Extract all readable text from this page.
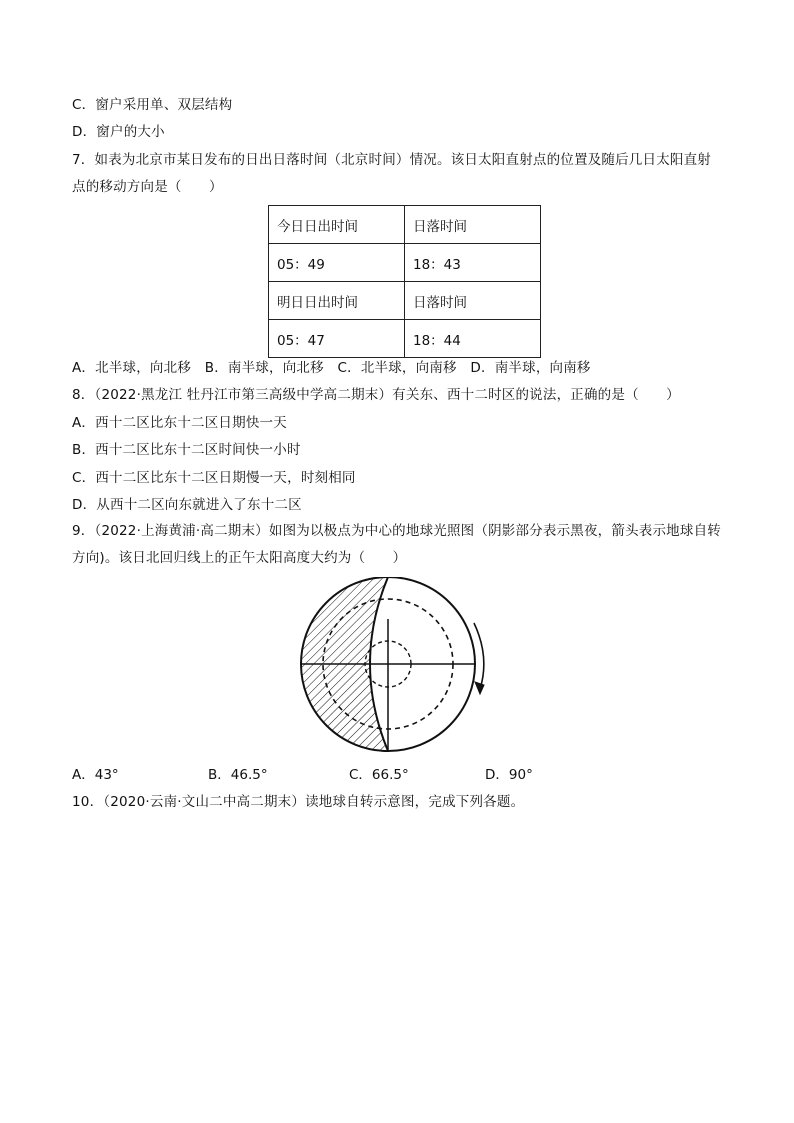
C．窗户采用单、双层结构
D．窗户的大小
7．如表为北京市某日发布的日出日落时间（北京时间）情况。该日太阳直射点的位置及随后几日太阳直射
点的移动方向是（　　）
今日日出时间	日落时间
05：49	18：43
明日日出时间	日落时间
05：47	18：44
A．北半球，向北移　B．南半球，向北移　C．北半球，向南移　D．南半球，向南移
8．（2022·黑龙江 牡丹江市第三高级中学高二期末）有关东、西十二时区的说法，正确的是（　　）
A．西十二区比东十二区日期快一天
B．西十二区比东十二区时间快一小时
C．西十二区比东十二区日期慢一天，时刻相同
D．从西十二区向东就进入了东十二区
9．（2022·上海黄浦·高二期末）如图为以极点为中心的地球光照图（阴影部分表示黑夜，箭头表示地球自转
方向)。该日北回归线上的正午太阳高度大约为（　　）
A．43°	B．46.5°	C．66.5°	D．90°
10．（2020·云南·文山二中高二期末）读地球自转示意图，完成下列各题。
